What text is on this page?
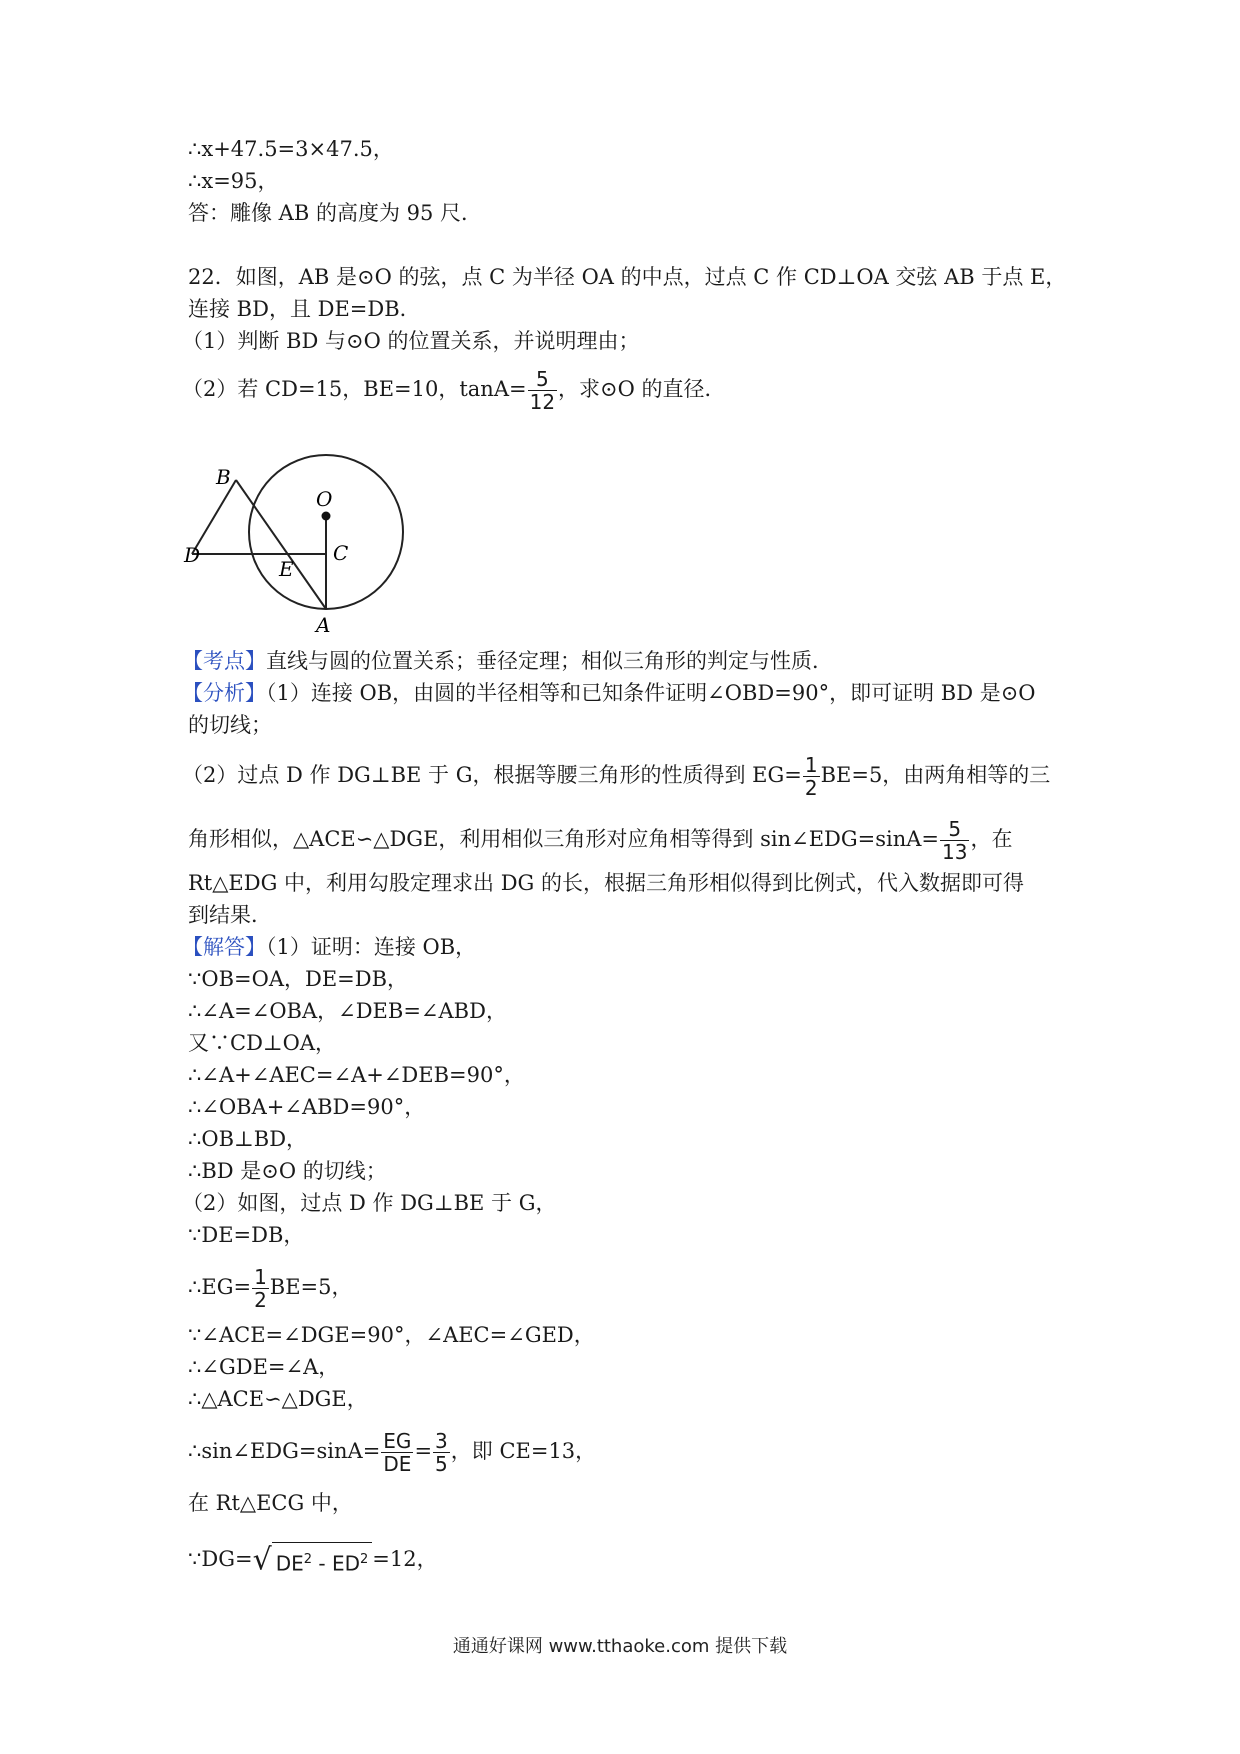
∴x+47.5=3×47.5，
∴x=95，
答：雕像 AB 的高度为 95 尺．
22．如图，AB 是⊙O 的弦，点 C 为半径 OA 的中点，过点 C 作 CD⊥OA 交弦 AB 于点 E，
连接 BD，且 DE=DB．
（1）判断 BD 与⊙O 的位置关系，并说明理由；
（2）若 CD=15，BE=10，$\tan A= \frac{5}{12}$ ，求⊙O 的直径．
B
O
D	C
E
A
【考点】直线与圆的位置关系；垂径定理；相似三角形的判定与性质．
【分析】（1）连接 OB，由圆的半径相等和已知条件证明∠OBD=90°，即可证明 BD 是⊙O
的切线；
（2）过点 D 作 DG⊥BE 于 G，根据等腰三角形的性质得到 $EG= \frac{1}{2} BE=5$，由两角相等的三
角形相似，△ACE∽△DGE，利用相似三角形对应角相等得到 sin∠EDG=sinA= $\frac{5}{13}$ ，在
Rt△EDG 中，利用勾股定理求出 DG 的长，根据三角形相似得到比例式，代入数据即可得
到结果．
【解答】（1）证明：连接 OB，
∵OB=OA，DE=DB，
∴∠A=∠OBA，∠DEB=∠ABD，
又∵CD⊥OA，
∴∠A+∠AEC=∠A+∠DEB=90°，
∴∠OBA+∠ABD=90°，
∴OB⊥BD，
∴BD 是⊙O 的切线；
（2）如图，过点 D 作 DG⊥BE 于 G，
∵DE=DB，
∴EG= $\frac{1}{2} BE=5$，
∵∠ACE=∠DGE=90°，∠AEC=∠GED，
∴∠GDE=∠A，
∴△ACE∽△DGE，
∴sin∠EDG=sinA= $\frac{EG}{DE} = \frac{3}{5}$ ，即 CE=13，
在 Rt△ECG 中，
∵DG=√ $DE^2 - ED^2 =12$，
通通好课网 www.tthaoke.com 提供下载
